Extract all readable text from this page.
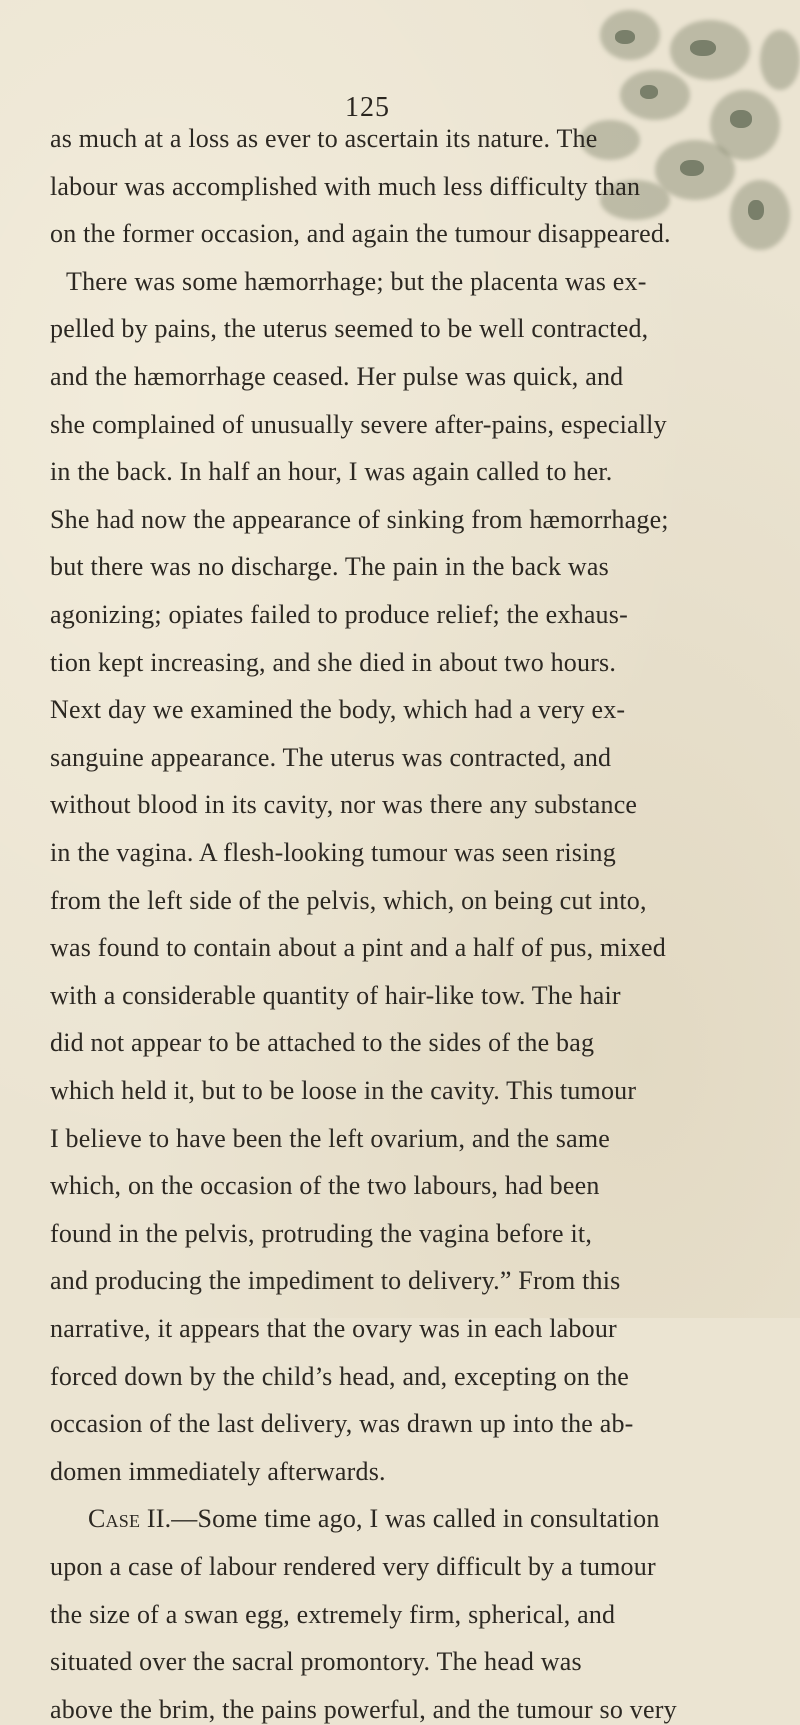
125
as much at a loss as ever to ascertain its nature. The
labour was accomplished with much less difficulty than
on the former occasion, and again the tumour disappeared.
There was some hæmorrhage; but the placenta was ex-
pelled by pains, the uterus seemed to be well contracted,
and the hæmorrhage ceased. Her pulse was quick, and
she complained of unusually severe after-pains, especially
in the back. In half an hour, I was again called to her.
She had now the appearance of sinking from hæmorrhage;
but there was no discharge. The pain in the back was
agonizing; opiates failed to produce relief; the exhaus-
tion kept increasing, and she died in about two hours.
Next day we examined the body, which had a very ex-
sanguine appearance. The uterus was contracted, and
without blood in its cavity, nor was there any substance
in the vagina. A flesh-looking tumour was seen rising
from the left side of the pelvis, which, on being cut into,
was found to contain about a pint and a half of pus, mixed
with a considerable quantity of hair-like tow. The hair
did not appear to be attached to the sides of the bag
which held it, but to be loose in the cavity. This tumour
I believe to have been the left ovarium, and the same
which, on the occasion of the two labours, had been
found in the pelvis, protruding the vagina before it,
and producing the impediment to delivery.” From this
narrative, it appears that the ovary was in each labour
forced down by the child’s head, and, excepting on the
occasion of the last delivery, was drawn up into the ab-
domen immediately afterwards.
Case II.—Some time ago, I was called in consultation
upon a case of labour rendered very difficult by a tumour
the size of a swan egg, extremely firm, spherical, and
situated over the sacral promontory. The head was
above the brim, the pains powerful, and the tumour so very
